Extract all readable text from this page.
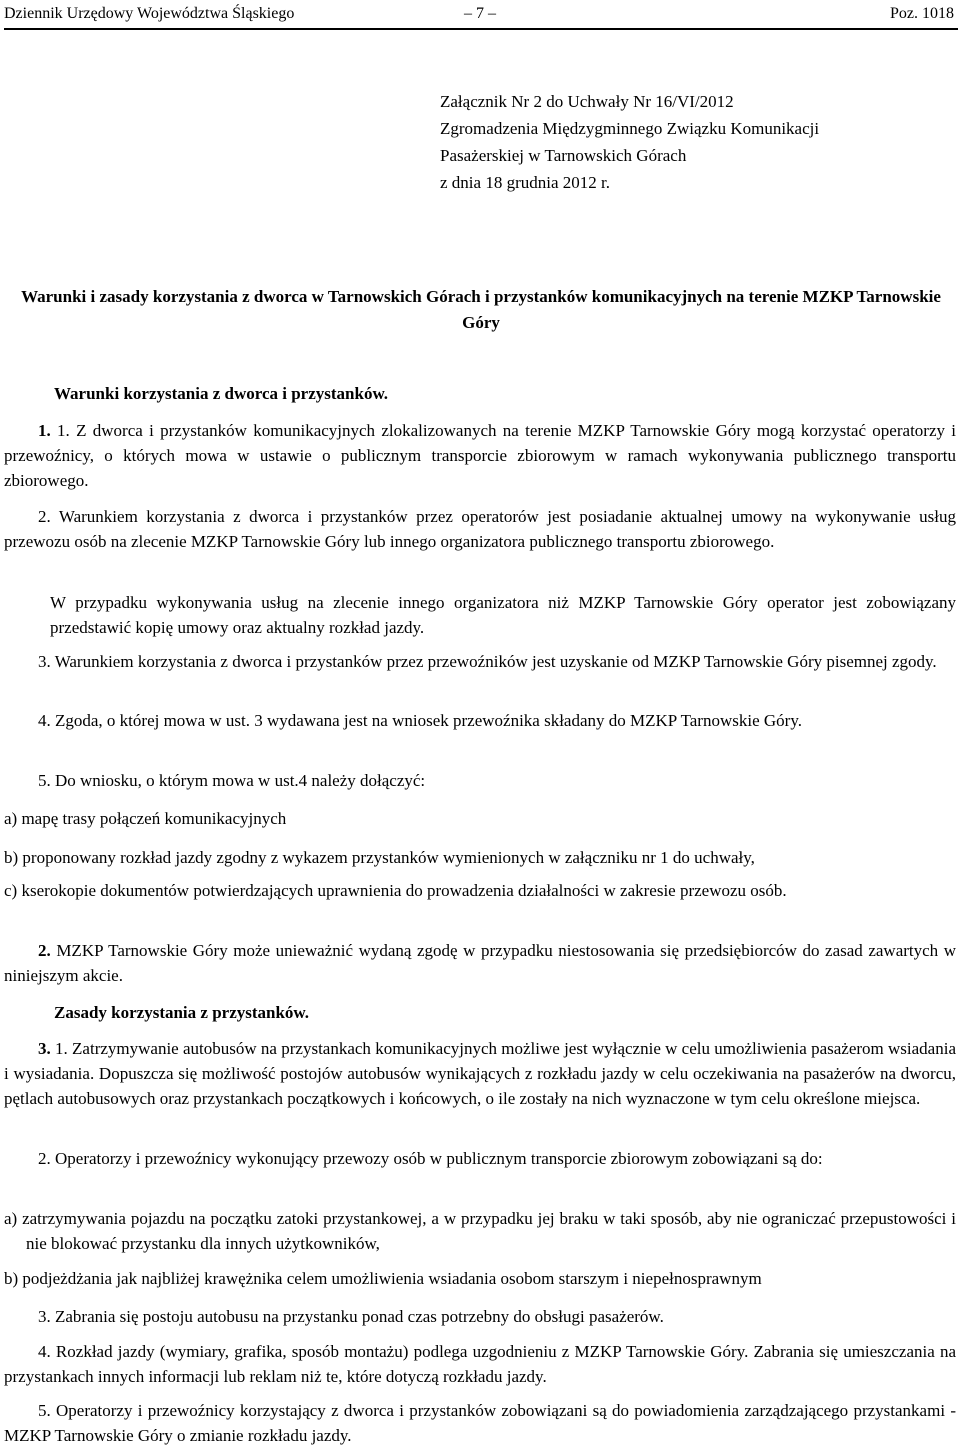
Dziennik Urzędowy Województwa Śląskiego	– 7 –	Poz. 1018
Załącznik Nr 2 do Uchwały Nr 16/VI/2012
Zgromadzenia Międzygminnego Związku Komunikacji
Pasażerskiej w Tarnowskich Górach
z dnia 18 grudnia 2012 r.
Warunki i zasady korzystania z dworca w Tarnowskich Górach i przystanków komunikacyjnych na terenie MZKP Tarnowskie Góry

Warunki korzystania z dworca i przystanków.

1. 1. Z dworca i przystanków komunikacyjnych zlokalizowanych na terenie MZKP Tarnowskie Góry mogą korzystać operatorzy i przewoźnicy, o których mowa w ustawie o publicznym transporcie zbiorowym w ramach wykonywania publicznego transportu zbiorowego.

2. Warunkiem korzystania z dworca i przystanków przez operatorów jest posiadanie aktualnej umowy na wykonywanie usług przewozu osób na zlecenie MZKP Tarnowskie Góry lub innego organizatora publicznego transportu zbiorowego.

W przypadku wykonywania usług na zlecenie innego organizatora niż MZKP Tarnowskie Góry operator jest zobowiązany przedstawić kopię umowy oraz aktualny rozkład jazdy.

3. Warunkiem korzystania z dworca i przystanków przez przewoźników jest uzyskanie od MZKP Tarnowskie Góry pisemnej zgody.

4. Zgoda, o której mowa w ust. 3 wydawana jest na wniosek przewoźnika składany do MZKP Tarnowskie Góry.

5. Do wniosku, o którym mowa w ust.4 należy dołączyć:

a) mapę trasy połączeń komunikacyjnych

b) proponowany rozkład jazdy zgodny z wykazem przystanków wymienionych w załączniku nr 1 do uchwały,

c) kserokopie dokumentów potwierdzających uprawnienia do prowadzenia działalności w zakresie przewozu osób.

2. MZKP Tarnowskie Góry może unieważnić wydaną zgodę w przypadku niestosowania się przedsiębiorców do zasad zawartych w niniejszym akcie.

Zasady korzystania z przystanków.

3. 1. Zatrzymywanie autobusów na przystankach komunikacyjnych możliwe jest wyłącznie w celu umożliwienia pasażerom wsiadania i wysiadania. Dopuszcza się możliwość postojów autobusów wynikających z rozkładu jazdy w celu oczekiwania na pasażerów na dworcu, pętlach autobusowych oraz przystankach początkowych i końcowych, o ile zostały na nich wyznaczone w tym celu określone miejsca.

2. Operatorzy i przewoźnicy wykonujący przewozy osób w publicznym transporcie zbiorowym zobowiązani są do:

a) zatrzymywania pojazdu na początku zatoki przystankowej, a w przypadku jej braku w taki sposób, aby nie ograniczać przepustowości i nie blokować przystanku dla innych użytkowników,

b) podjeżdżania jak najbliżej krawężnika celem umożliwienia wsiadania osobom starszym i niepełnosprawnym

3. Zabrania się postoju autobusu na przystanku ponad czas potrzebny do obsługi pasażerów.

4. Rozkład jazdy (wymiary, grafika, sposób montażu) podlega uzgodnieniu z MZKP Tarnowskie Góry. Zabrania się umieszczania na przystankach innych informacji lub reklam niż te, które dotyczą rozkładu jazdy.

5. Operatorzy i przewoźnicy korzystający z dworca i przystanków zobowiązani są do powiadomienia zarządzającego przystankami - MZKP Tarnowskie Góry o zmianie rozkładu jazdy.
